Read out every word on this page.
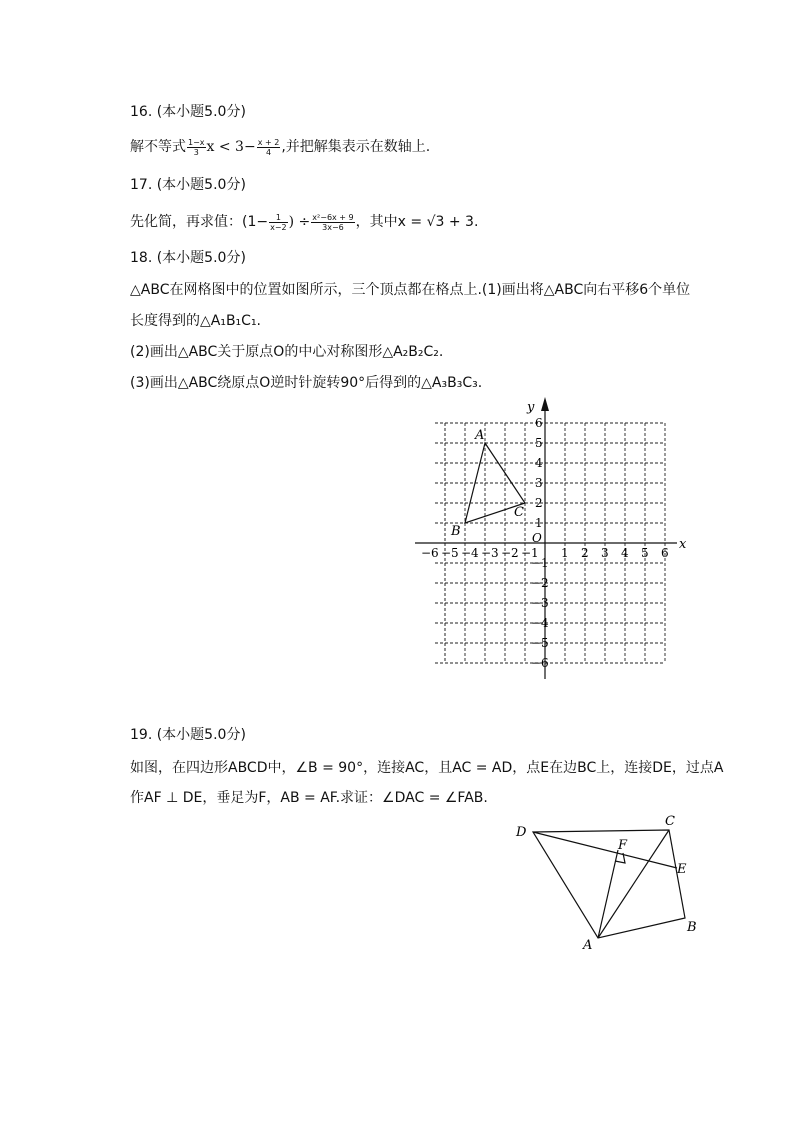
16. (本小题5.0分)
解不等式 $\frac{1-x}{3}$ $x < 3- \frac{x + 2}{4}$ ,并把解集表示在数轴上.
17. (本小题5.0分)
先化简，再求值：($1- \frac{1}{x-2}$ ) ÷ $\frac{\text{x²−6x + 9}}{3x-6}$ ，其中x = √3 + 3.
18. (本小题5.0分)
△ABC在网格图中的位置如图所示，三个顶点都在格点上.(1)画出将△ABC向右平移6个单位
长度得到的△A₁B₁C₁.
(2)画出△ABC关于原点O的中心对称图形△A₂B₂C₂.
(3)画出△ABC绕原点O逆时针旋转90°后得到的△A₃B₃C₃.
−6 −5 −4 −3 −2 −1 1 2 3 4 5 6
6
5
4
3
2
1
−1
−2
−3
−4
−5
−6
A
B
C
x
y
O
19. (本小题5.0分)
如图，在四边形ABCD中，∠B = 90°，连接AC，且AC = AD，点E在边BC上，连接DE，过点A
作AF ⊥ DE，垂足为F，AB = AF.求证：∠DAC = ∠FAB.
D
C
F
E
B
A
